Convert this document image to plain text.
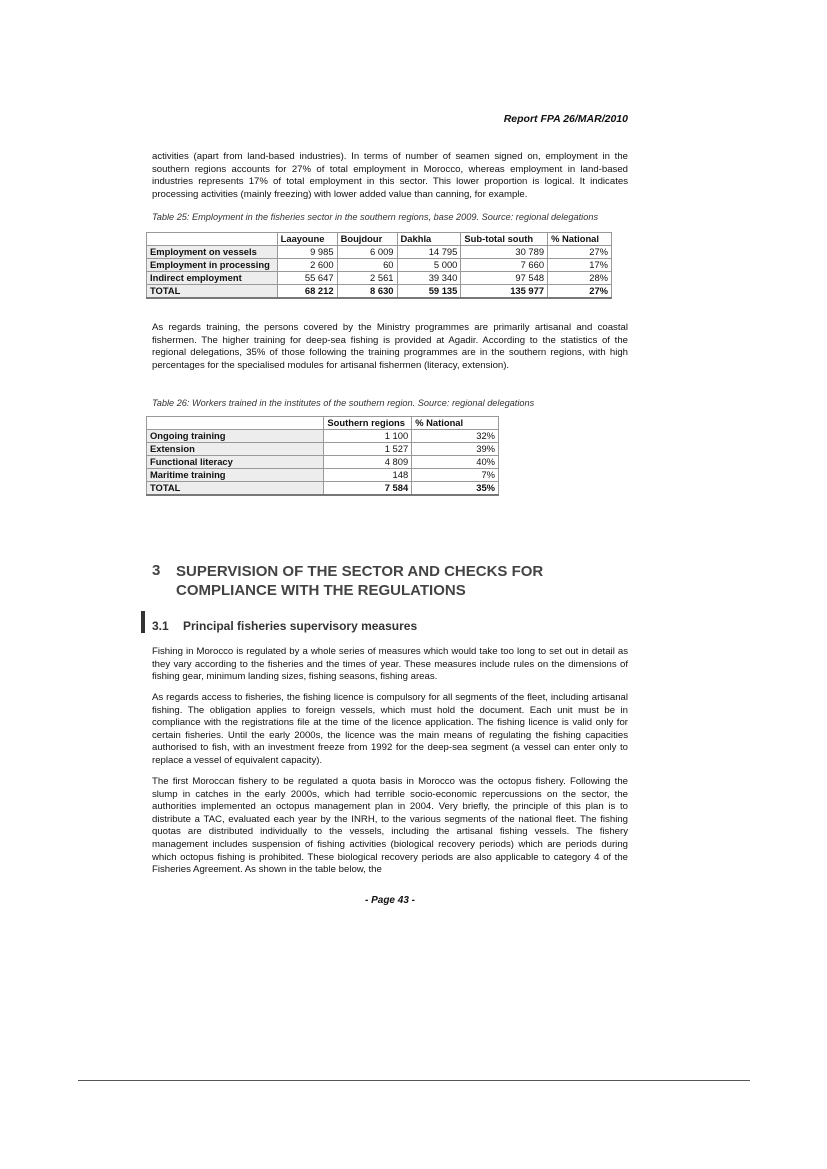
Report FPA 26/MAR/2010

activities (apart from land-based industries). In terms of number of seamen signed on, employment in the southern regions accounts for 27% of total employment in Morocco, whereas employment in land-based industries represents 17% of total employment in this sector. This lower proportion is logical. It indicates processing activities (mainly freezing) with lower added value than canning, for example.

Table 25: Employment in the fisheries sector in the southern regions, base 2009. Source: regional delegations

	Laayoune	Boujdour	Dakhla	Sub-total south	% National
Employment on vessels	9 985	6 009	14 795	30 789	27%
Employment in processing	2 600	60	5 000	7 660	17%
Indirect employment	55 647	2 561	39 340	97 548	28%
TOTAL	68 212	8 630	59 135	135 977	27%

As regards training, the persons covered by the Ministry programmes are primarily artisanal and coastal fishermen. The higher training for deep-sea fishing is provided at Agadir. According to the statistics of the regional delegations, 35% of those following the training programmes are in the southern regions, with high percentages for the specialised modules for artisanal fishermen (literacy, extension).

Table 26: Workers trained in the institutes of the southern region. Source: regional delegations

	Southern regions	% National
Ongoing training	1 100	32%
Extension	1 527	39%
Functional literacy	4 809	40%
Maritime training	148	7%
TOTAL	7 584	35%
3 SUPERVISION OF THE SECTOR AND CHECKS FOR COMPLIANCE WITH THE REGULATIONS
3.1 Principal fisheries supervisory measures

Fishing in Morocco is regulated by a whole series of measures which would take too long to set out in detail as they vary according to the fisheries and the times of year. These measures include rules on the dimensions of fishing gear, minimum landing sizes, fishing seasons, fishing areas.

As regards access to fisheries, the fishing licence is compulsory for all segments of the fleet, including artisanal fishing. The obligation applies to foreign vessels, which must hold the document. Each unit must be in compliance with the registrations file at the time of the licence application. The fishing licence is valid only for certain fisheries. Until the early 2000s, the licence was the main means of regulating the fishing capacities authorised to fish, with an investment freeze from 1992 for the deep-sea segment (a vessel can enter only to replace a vessel of equivalent capacity).

The first Moroccan fishery to be regulated a quota basis in Morocco was the octopus fishery. Following the slump in catches in the early 2000s, which had terrible socio-economic repercussions on the sector, the authorities implemented an octopus management plan in 2004. Very briefly, the principle of this plan is to distribute a TAC, evaluated each year by the INRH, to the various segments of the national fleet. The fishing quotas are distributed individually to the vessels, including the artisanal fishing vessels. The fishery management includes suspension of fishing activities (biological recovery periods) which are periods during which octopus fishing is prohibited. These biological recovery periods are also applicable to category 4 of the Fisheries Agreement. As shown in the table below, the

- Page 43 -
